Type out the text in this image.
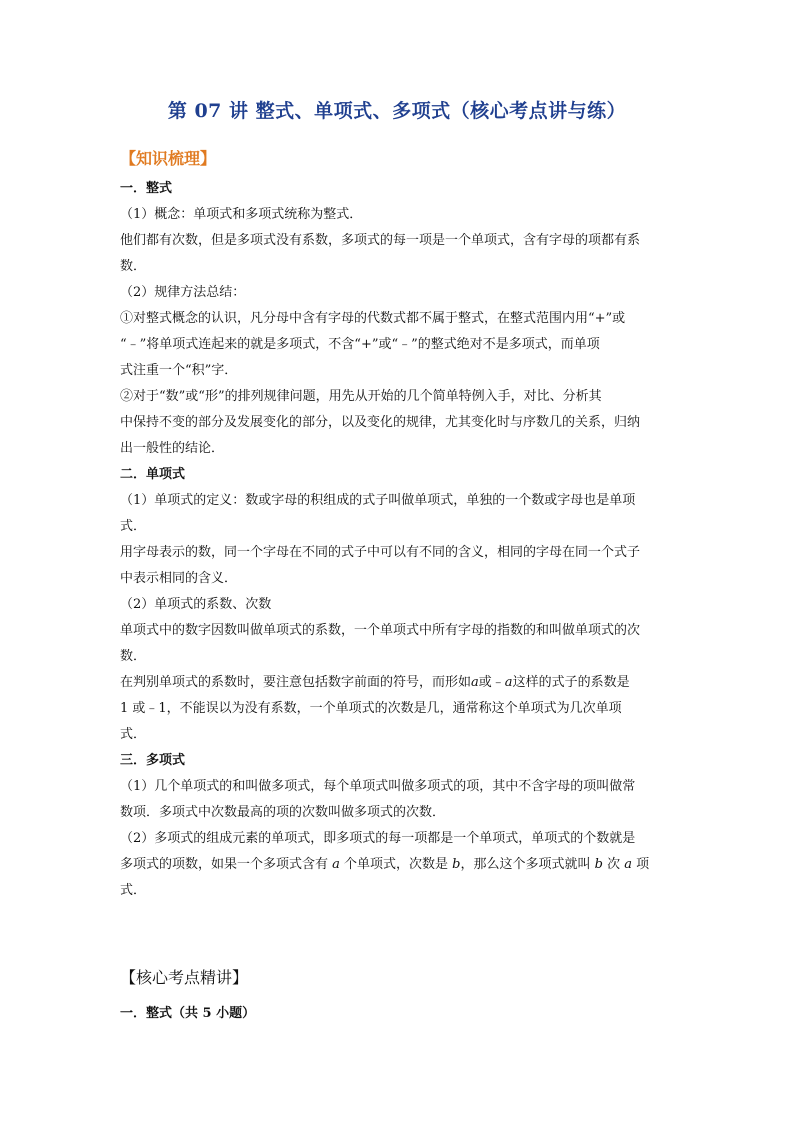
第 07 讲 整式、单项式、多项式（核心考点讲与练）
【知识梳理】

一．整式

（1）概念：单项式和多项式统称为整式．

他们都有次数，但是多项式没有系数，多项式的每一项是一个单项式，含有字母的项都有系

数．

（2）规律方法总结：

①对整式概念的认识，凡分母中含有字母的代数式都不属于整式，在整式范围内用“+”或

“﹣”将单项式连起来的就是多项式，不含“+”或“﹣”的整式绝对不是多项式，而单项

式注重一个“积”字．

②对于“数”或“形”的排列规律问题，用先从开始的几个简单特例入手，对比、分析其

中保持不变的部分及发展变化的部分，以及变化的规律，尤其变化时与序数几的关系，归纳

出一般性的结论．

二．单项式

（1）单项式的定义：数或字母的积组成的式子叫做单项式，单独的一个数或字母也是单项

式．

用字母表示的数，同一个字母在不同的式子中可以有不同的含义，相同的字母在同一个式子

中表示相同的含义．

（2）单项式的系数、次数

单项式中的数字因数叫做单项式的系数，一个单项式中所有字母的指数的和叫做单项式的次

数．

在判别单项式的系数时，要注意包括数字前面的符号，而形如a或﹣a这样的式子的系数是

1 或﹣1，不能误以为没有系数，一个单项式的次数是几，通常称这个单项式为几次单项

式．

三．多项式

（1）几个单项式的和叫做多项式，每个单项式叫做多项式的项，其中不含字母的项叫做常

数项．多项式中次数最高的项的次数叫做多项式的次数．

（2）多项式的组成元素的单项式，即多项式的每一项都是一个单项式，单项式的个数就是

多项式的项数，如果一个多项式含有 a 个单项式，次数是 b，那么这个多项式就叫 b 次 a 项

式．

【核心考点精讲】
一．整式（共 5 小题）
